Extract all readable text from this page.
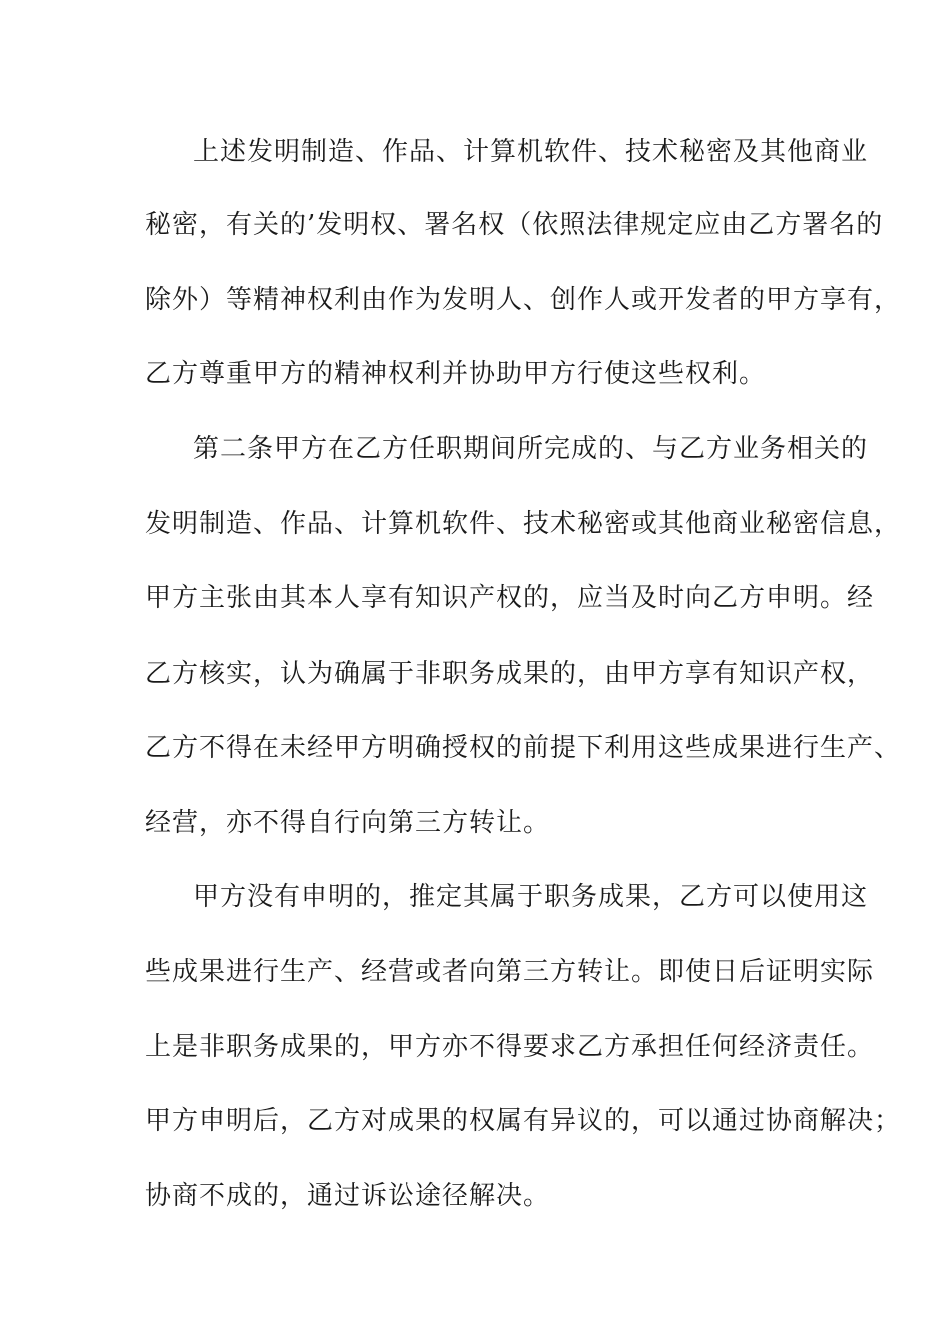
上述发明制造、作品、计算机软件、技术秘密及其他商业
秘密，有关的’发明权、署名权（依照法律规定应由乙方署名的
除外）等精神权利由作为发明人、创作人或开发者的甲方享有，
乙方尊重甲方的精神权利并协助甲方行使这些权利。
第二条甲方在乙方任职期间所完成的、与乙方业务相关的
发明制造、作品、计算机软件、技术秘密或其他商业秘密信息，
甲方主张由其本人享有知识产权的，应当及时向乙方申明。经
乙方核实，认为确属于非职务成果的，由甲方享有知识产权，
乙方不得在未经甲方明确授权的前提下利用这些成果进行生产、
经营，亦不得自行向第三方转让。
甲方没有申明的，推定其属于职务成果，乙方可以使用这
些成果进行生产、经营或者向第三方转让。即使日后证明实际
上是非职务成果的，甲方亦不得要求乙方承担任何经济责任。
甲方申明后，乙方对成果的权属有异议的，可以通过协商解决；
协商不成的，通过诉讼途径解决。
